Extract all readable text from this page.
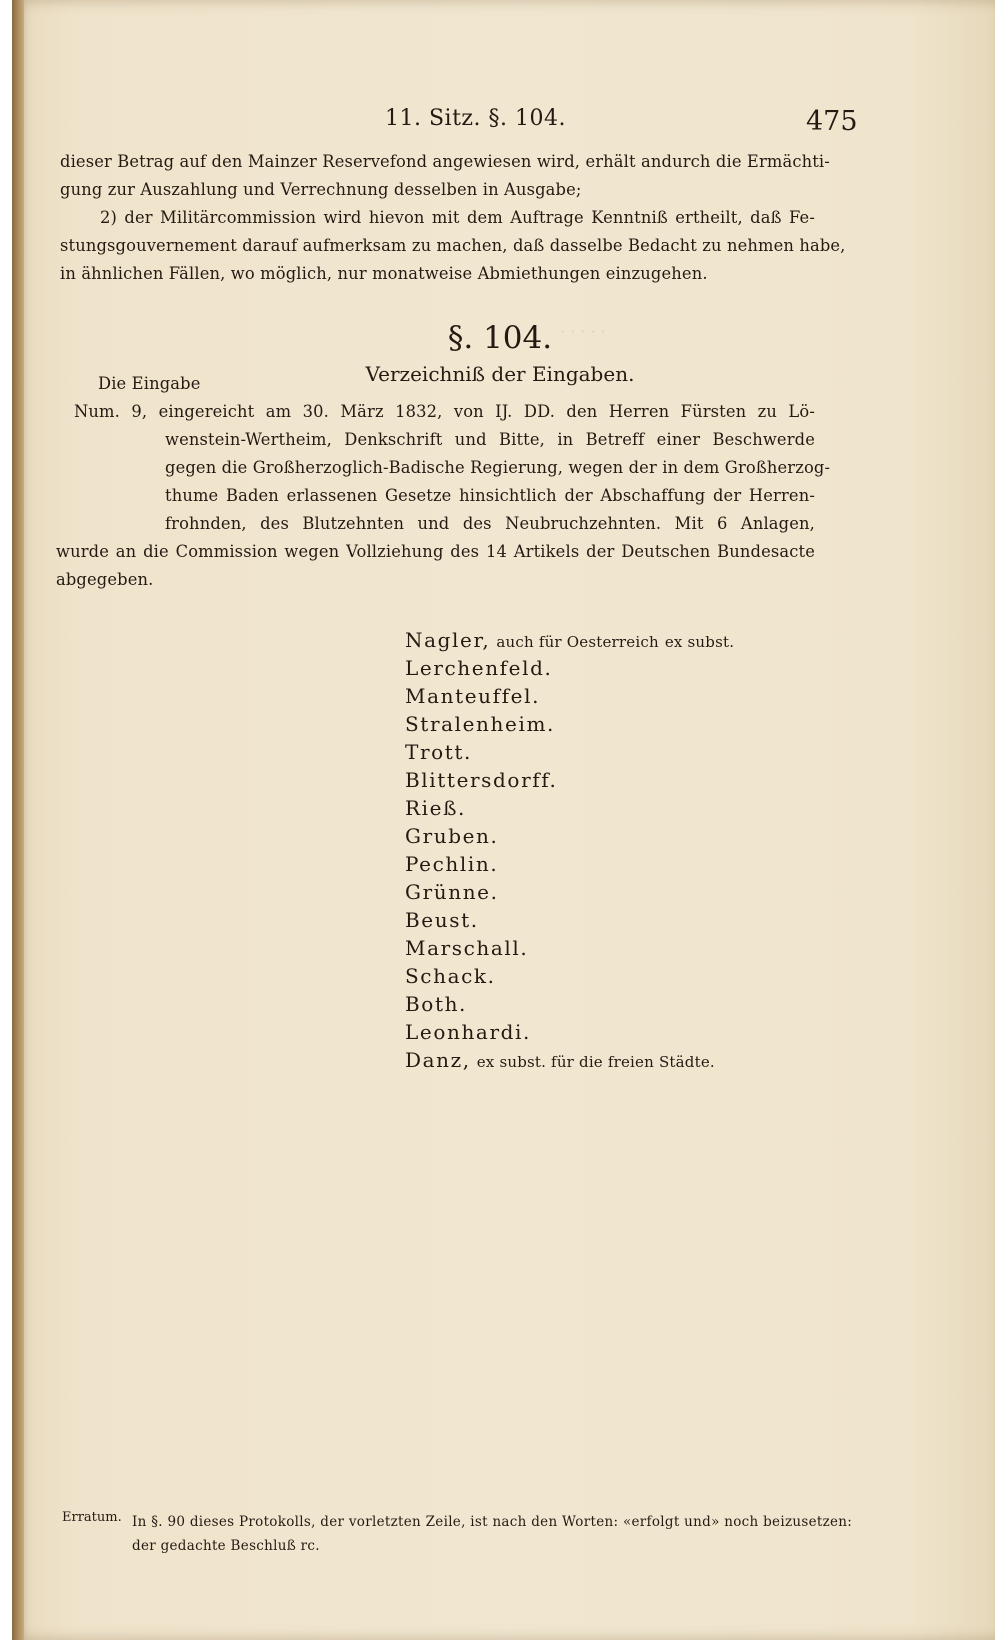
· · · · ·
11. Sitz. §. 104.	475
dieser Betrag auf den Mainzer Reservefond angewiesen wird, erhält andurch die Ermächti-
gung zur Auszahlung und Verrechnung desselben in Ausgabe;
2) der Militärcommission wird hievon mit dem Auftrage Kenntniß ertheilt, daß Fe-
stungsgouvernement darauf aufmerksam zu machen, daß dasselbe Bedacht zu nehmen habe,
in ähnlichen Fällen, wo möglich, nur monatweise Abmiethungen einzugehen.
§. 104.
Verzeichniß der Eingaben.
Die Eingabe
Num. 9, eingereicht am 30. März 1832, von IJ. DD. den Herren Fürsten zu Lö-
wenstein-Wertheim, Denkschrift und Bitte, in Betreff einer Beschwerde
gegen die Großherzoglich-Badische Regierung, wegen der in dem Großherzog-
thume Baden erlassenen Gesetze hinsichtlich der Abschaffung der Herren-
frohnden, des Blutzehnten und des Neubruchzehnten. Mit 6 Anlagen,
wurde an die Commission wegen Vollziehung des 14 Artikels der Deutschen Bundesacte
abgegeben.
Nagler, auch für Oesterreich ex subst.
Lerchenfeld.
Manteuffel.
Stralenheim.
Trott.
Blittersdorff.
Rieß.
Gruben.
Pechlin.
Grünne.
Beust.
Marschall.
Schack.
Both.
Leonhardi.
Danz, ex subst. für die freien Städte.
Erratum. In §. 90 dieses Protokolls, der vorletzten Zeile, ist nach den Worten: «erfolgt und» noch beizusetzen:
der gedachte Beschluß rc.
